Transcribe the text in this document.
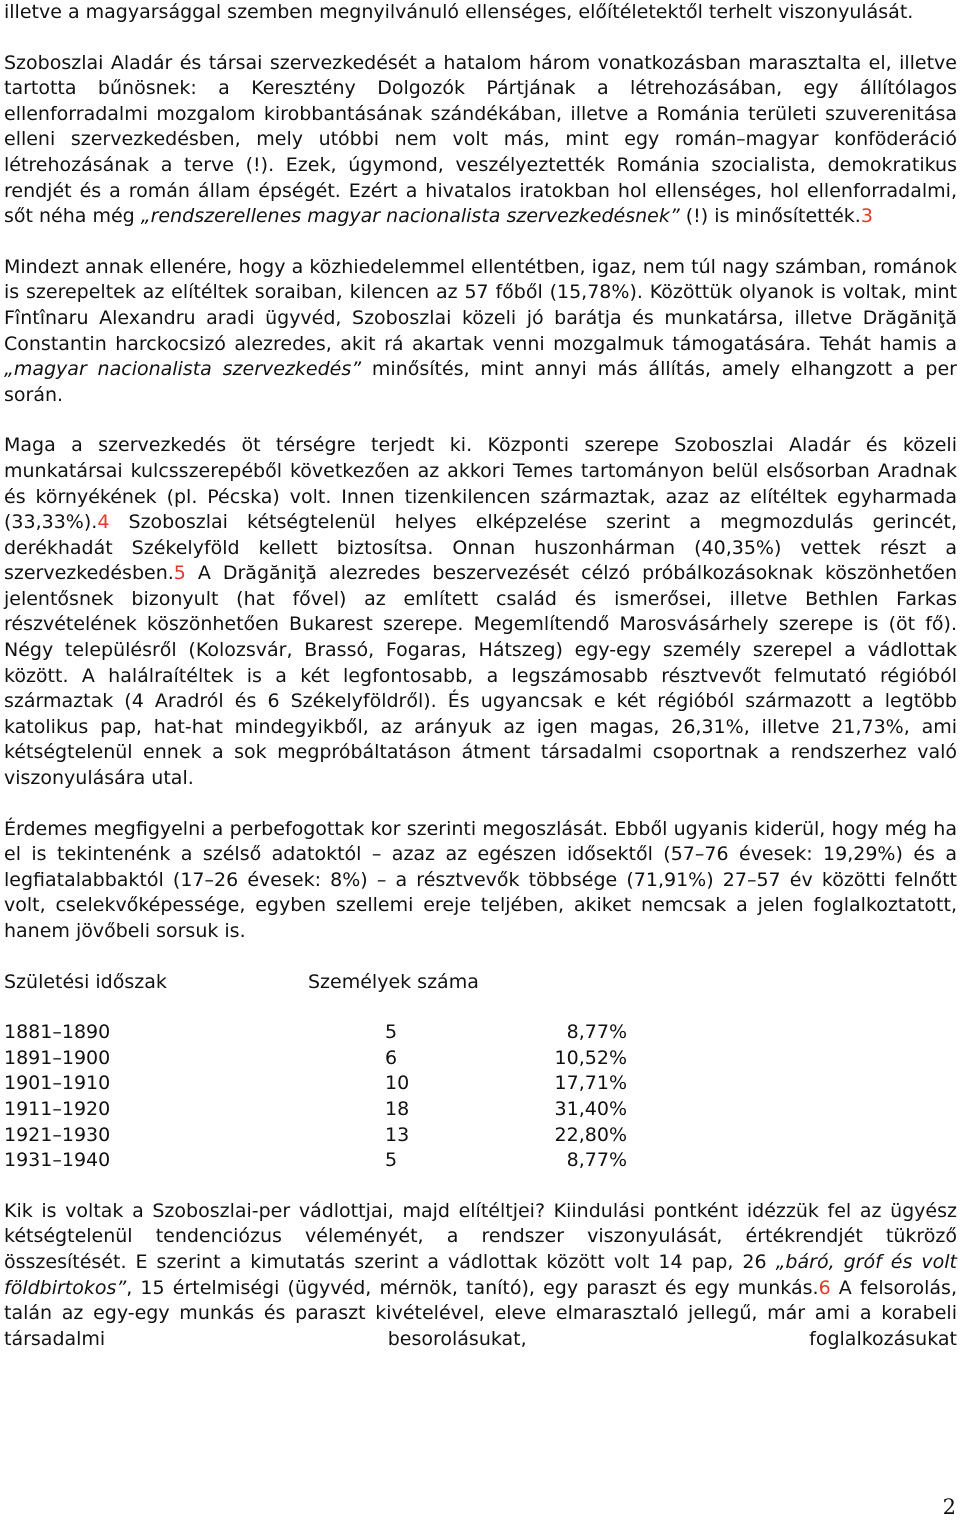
illetve a magyarsággal szemben megnyilvánuló ellenséges, előítéletektől terhelt viszonyulását.

Szoboszlai Aladár és társai szervezkedését a hatalom három vonatkozásban marasztalta el, illetve tartotta bűnösnek: a Keresztény Dolgozók Pártjának a létrehozásában, egy állítólagos ellenforradalmi mozgalom kirobbantásának szándékában, illetve a Románia területi szuverenitása elleni szervezkedésben, mely utóbbi nem volt más, mint egy román–magyar konföderáció létrehozásának a terve (!). Ezek, úgymond, veszélyeztették Románia szocialista, demokratikus rendjét és a román állam épségét. Ezért a hivatalos iratokban hol ellenséges, hol ellenforradalmi, sőt néha még „rendszerellenes magyar nacionalista szervezkedésnek” (!) is minősítették.3

Mindezt annak ellenére, hogy a közhiedelemmel ellentétben, igaz, nem túl nagy számban, románok is szerepeltek az elítéltek soraiban, kilencen az 57 főből (15,78%). Közöttük olyanok is voltak, mint Fîntînaru Alexandru aradi ügyvéd, Szoboszlai közeli jó barátja és munkatársa, illetve Drăgăniţă Constantin harckocsizó alezredes, akit rá akartak venni mozgalmuk támogatására. Tehát hamis a „magyar nacionalista szervezkedés” minősítés, mint annyi más állítás, amely elhangzott a per során.

Maga a szervezkedés öt térségre terjedt ki. Központi szerepe Szoboszlai Aladár és közeli munkatársai kulcsszerepéből következően az akkori Temes tartományon belül elsősorban Aradnak és környékének (pl. Pécska) volt. Innen tizenkilencen származtak, azaz az elítéltek egyharmada (33,33%).4 Szoboszlai kétségtelenül helyes elképzelése szerint a megmozdulás gerincét, derékhadát Székelyföld kellett biztosítsa. Onnan huszonhárman (40,35%) vettek részt a szervezkedésben.5 A Drăgăniţă alezredes beszervezését célzó próbálkozásoknak köszönhetően jelentősnek bizonyult (hat fővel) az említett család és ismerősei, illetve Bethlen Farkas részvételének köszönhetően Bukarest szerepe. Megemlítendő Marosvásárhely szerepe is (öt fő). Négy településről (Kolozsvár, Brassó, Fogaras, Hátszeg) egy-egy személy szerepel a vádlottak között. A halálraítéltek is a két legfontosabb, a legszámosabb résztvevőt felmutató régióból származtak (4 Aradról és 6 Székelyföldről). És ugyancsak e két régióból származott a legtöbb katolikus pap, hat-hat mindegyikből, az arányuk az igen magas, 26,31%, illetve 21,73%, ami kétségtelenül ennek a sok megpróbáltatáson átment társadalmi csoportnak a rendszerhez való viszonyulására utal.

Érdemes megfigyelni a perbefogottak kor szerinti megoszlását. Ebből ugyanis kiderül, hogy még ha el is tekintenénk a szélső adatoktól – azaz az egészen idősektől (57–76 évesek: 19,29%) és a legfiatalabbaktól (17–26 évesek: 8%) – a résztvevők többsége (71,91%) 27–57 év közötti felnőtt volt, cselekvőképessége, egyben szellemi ereje teljében, akiket nemcsak a jelen foglalkoztatott, hanem jövőbeli sorsuk is.

Születési időszak	Személyek száma
1881–1890	5	8,77%
1891–1900	6	10,52%
1901–1910	10	17,71%
1911–1920	18	31,40%
1921–1930	13	22,80%
1931–1940	5	8,77%

Kik is voltak a Szoboszlai-per vádlottjai, majd elítéltjei? Kiindulási pontként idézzük fel az ügyész kétségtelenül tendenciózus véleményét, a rendszer viszonyulását, értékrendjét tükröző összesítését. E szerint a kimutatás szerint a vádlottak között volt 14 pap, 26 „báró, gróf és volt földbirtokos”, 15 értelmiségi (ügyvéd, mérnök, tanító), egy paraszt és egy munkás.6 A felsorolás, talán az egy-egy munkás és paraszt kivételével, eleve elmarasztaló jellegű, már ami a korabeli társadalmi besorolásukat, foglalkozásukat

2
